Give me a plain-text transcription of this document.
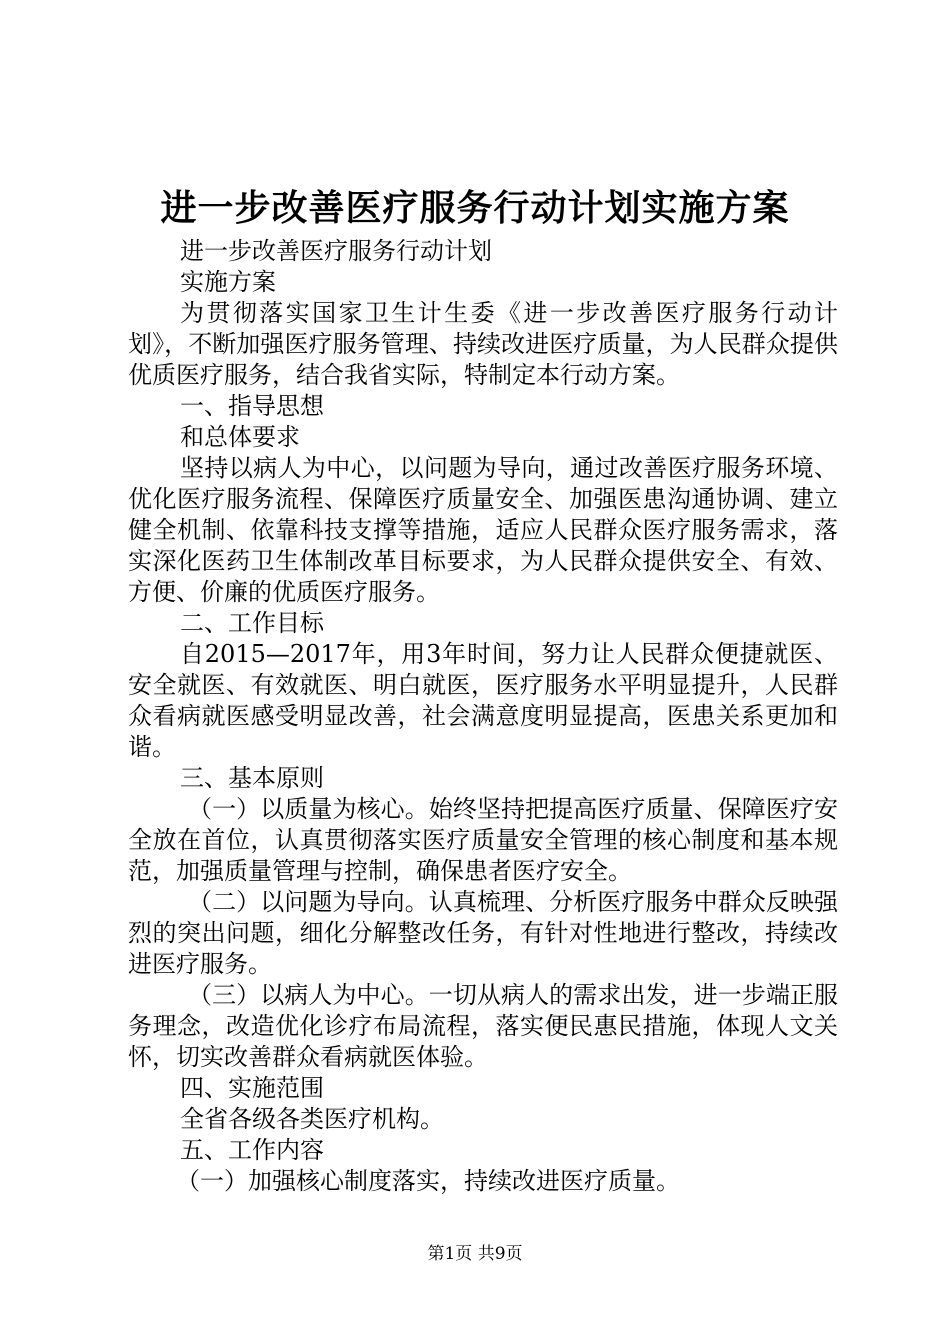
进一步改善医疗服务行动计划实施方案

进一步改善医疗服务行动计划

实施方案

为贯彻落实国家卫生计生委《进一步改善医疗服务行动计划》，不断加强医疗服务管理、持续改进医疗质量，为人民群众提供优质医疗服务，结合我省实际，特制定本行动方案。

一、指导思想

和总体要求

坚持以病人为中心，以问题为导向，通过改善医疗服务环境、优化医疗服务流程、保障医疗质量安全、加强医患沟通协调、建立健全机制、依靠科技支撑等措施，适应人民群众医疗服务需求，落实深化医药卫生体制改革目标要求，为人民群众提供安全、有效、方便、价廉的优质医疗服务。

二、工作目标

自2015—2017年，用3年时间，努力让人民群众便捷就医、安全就医、有效就医、明白就医，医疗服务水平明显提升，人民群众看病就医感受明显改善，社会满意度明显提高，医患关系更加和谐。

三、基本原则

（一）以质量为核心。始终坚持把提高医疗质量、保障医疗安全放在首位，认真贯彻落实医疗质量安全管理的核心制度和基本规范，加强质量管理与控制，确保患者医疗安全。

（二）以问题为导向。认真梳理、分析医疗服务中群众反映强烈的突出问题，细化分解整改任务，有针对性地进行整改，持续改进医疗服务。

（三）以病人为中心。一切从病人的需求出发，进一步端正服务理念，改造优化诊疗布局流程，落实便民惠民措施，体现人文关怀，切实改善群众看病就医体验。

四、实施范围

全省各级各类医疗机构。

五、工作内容

（一）加强核心制度落实，持续改进医疗质量。

第1页 共9页
